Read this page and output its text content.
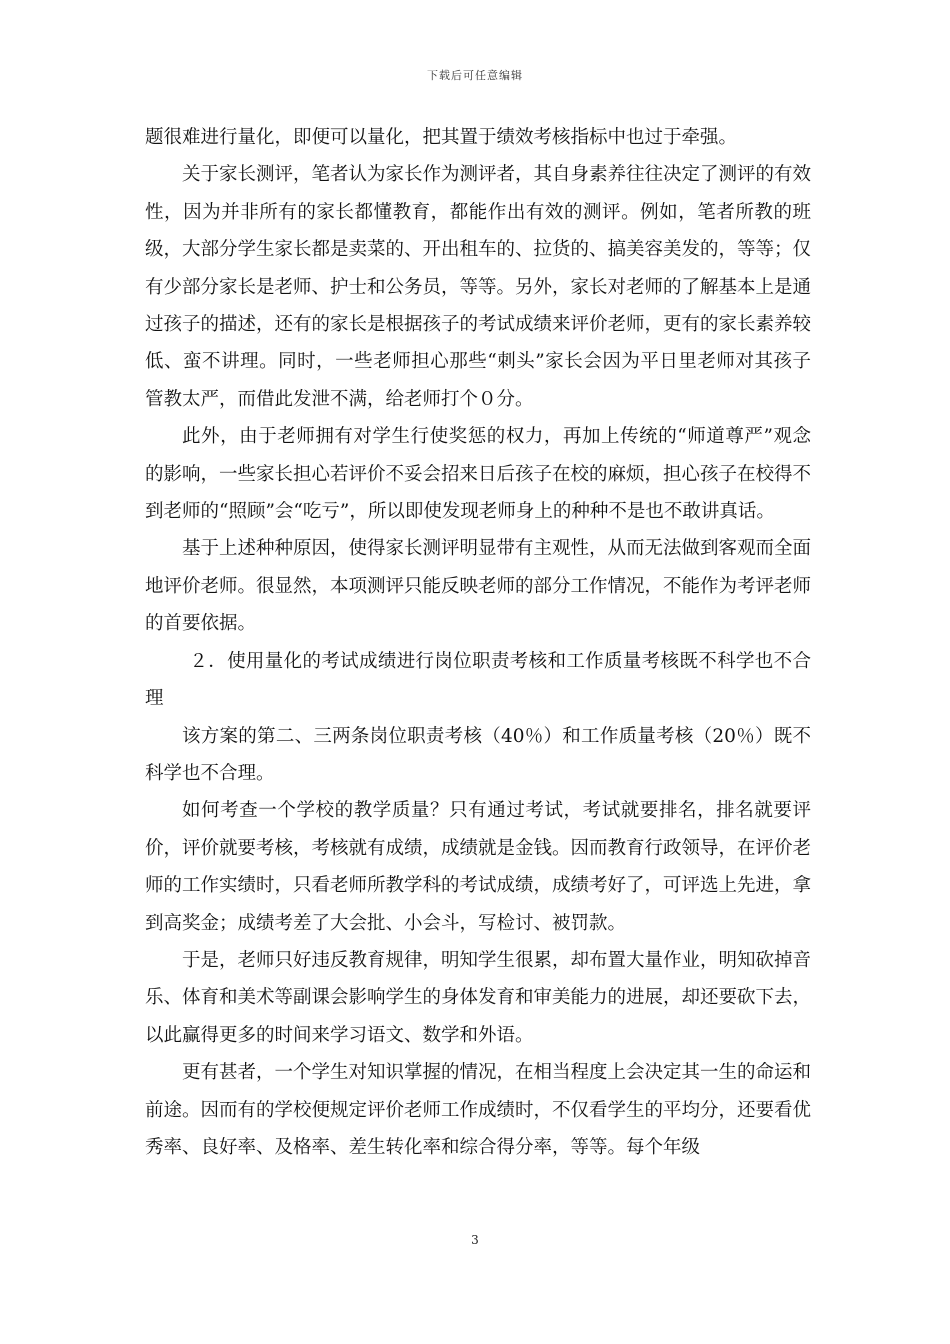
下载后可任意编辑

题很难进行量化，即便可以量化，把其置于绩效考核指标中也过于牵强。

关于家长测评，笔者认为家长作为测评者，其自身素养往往决定了测评的有效性，因为并非所有的家长都懂教育，都能作出有效的测评。例如，笔者所教的班级，大部分学生家长都是卖菜的、开出租车的、拉货的、搞美容美发的，等等；仅有少部分家长是老师、护士和公务员，等等。另外，家长对老师的了解基本上是通过孩子的描述，还有的家长是根据孩子的考试成绩来评价老师，更有的家长素养较低、蛮不讲理。同时，一些老师担心那些“刺头”家长会因为平日里老师对其孩子管教太严，而借此发泄不满，给老师打个０分。

此外，由于老师拥有对学生行使奖惩的权力，再加上传统的“师道尊严”观念的影响，一些家长担心若评价不妥会招来日后孩子在校的麻烦，担心孩子在校得不到老师的“照顾”会“吃亏”，所以即使发现老师身上的种种不是也不敢讲真话。

基于上述种种原因，使得家长测评明显带有主观性，从而无法做到客观而全面地评价老师。很显然，本项测评只能反映老师的部分工作情况，不能作为考评老师的首要依据。

２．使用量化的考试成绩进行岗位职责考核和工作质量考核既不科学也不合理

该方案的第二、三两条岗位职责考核（40％）和工作质量考核（20％）既不科学也不合理。

如何考查一个学校的教学质量？只有通过考试，考试就要排名，排名就要评价，评价就要考核，考核就有成绩，成绩就是金钱。因而教育行政领导，在评价老师的工作实绩时，只看老师所教学科的考试成绩，成绩考好了，可评选上先进，拿到高奖金；成绩考差了大会批、小会斗，写检讨、被罚款。

于是，老师只好违反教育规律，明知学生很累，却布置大量作业，明知砍掉音乐、体育和美术等副课会影响学生的身体发育和审美能力的进展，却还要砍下去，以此赢得更多的时间来学习语文、数学和外语。

更有甚者，一个学生对知识掌握的情况，在相当程度上会决定其一生的命运和前途。因而有的学校便规定评价老师工作成绩时，不仅看学生的平均分，还要看优秀率、良好率、及格率、差生转化率和综合得分率，等等。每个年级

3
